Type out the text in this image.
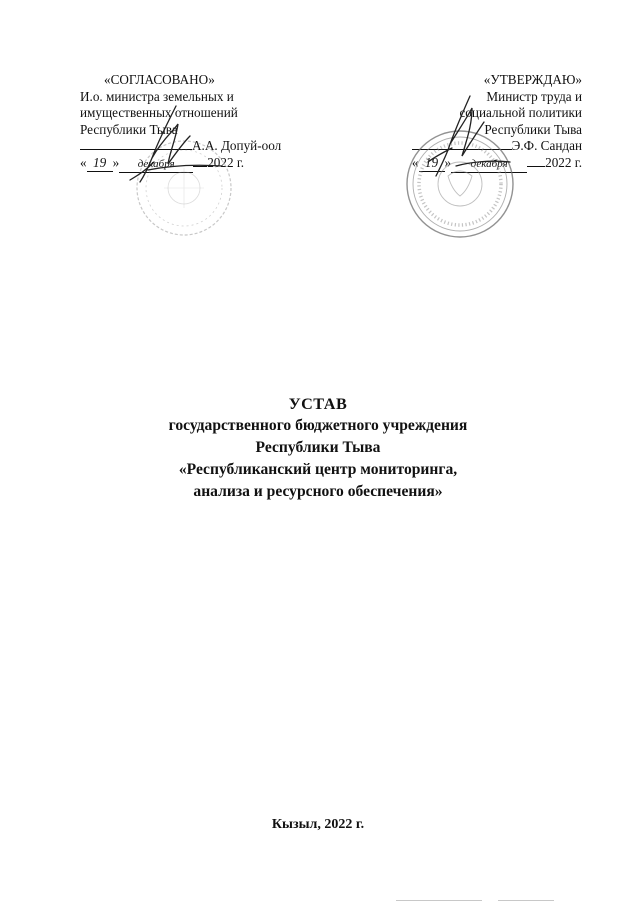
«СОГЛАСОВАНО»
И.о. министра земельных и
имущественных отношений
Республики Тыва
А.А. Допуй-оол
« 19 » декабря 2022 г.
«УТВЕРЖДАЮ»
Министр труда и
социальной политики
Республики Тыва
Э.Ф. Сандан
« 19 » декабря	2022 г.
УСТАВ
государственного бюджетного учреждения
Республики Тыва
«Республиканский центр мониторинга,
анализа и ресурсного обеспечения»
Кызыл, 2022 г.
